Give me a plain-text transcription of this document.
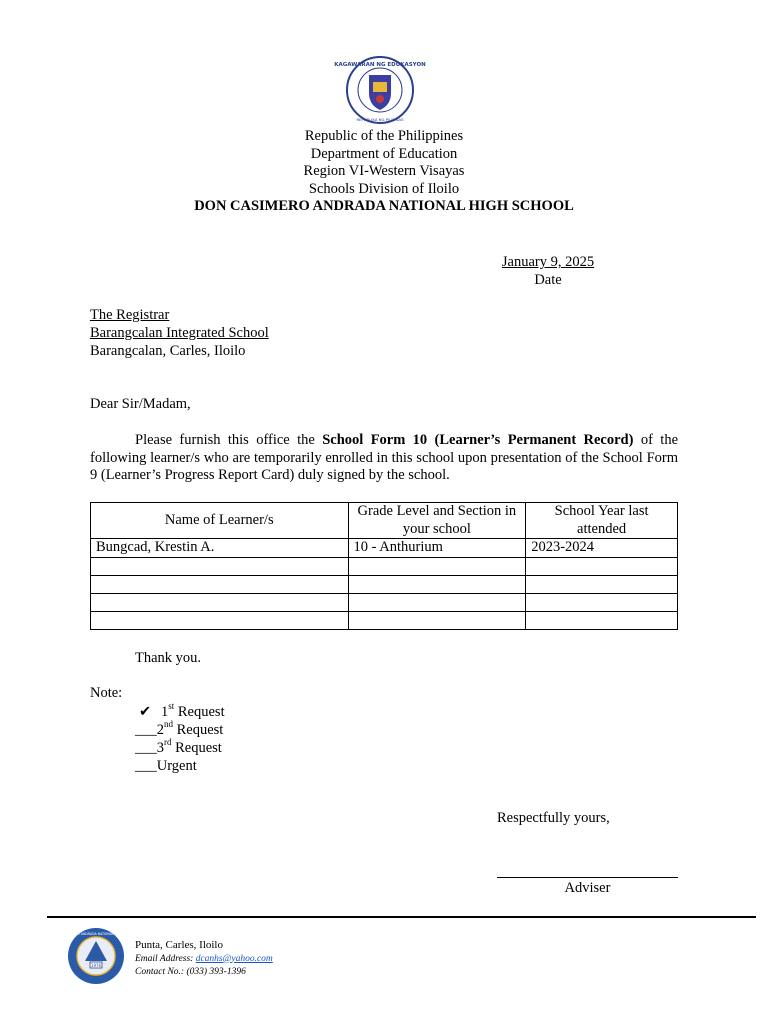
KAGAWARAN NG EDUKASYON
REPUBLIKA NG PILIPINAS
Republic of the Philippines
Department of Education
Region VI-Western Visayas
Schools Division of Iloilo
DON CASIMERO ANDRADA NATIONAL HIGH SCHOOL
January 9, 2025
Date
The Registrar
Barangcalan Integrated School
Barangcalan, Carles, Iloilo
Dear Sir/Madam,
Please furnish this office the School Form 10 (Learner’s Permanent Record) of the following learner/s who are temporarily enrolled in this school upon presentation of the School Form 9 (Learner’s Progress Report Card) duly signed by the school.
Name of Learner/s	Grade Level and Section in your school	School Year last attended
Bungcad, Krestin A.	10 - Anthurium	2023-2024

Thank you.
Note:
✔ 1st Request
___2nd Request
___3rd Request
___Urgent
Respectfully yours,
Adviser
1976
DON CASIMERO ANDRADA NATIONAL HIGH SCHOOL
Punta, Carles, Iloilo
Email Address: dcanhs@yahoo.com
Contact No.: (033) 393-1396
